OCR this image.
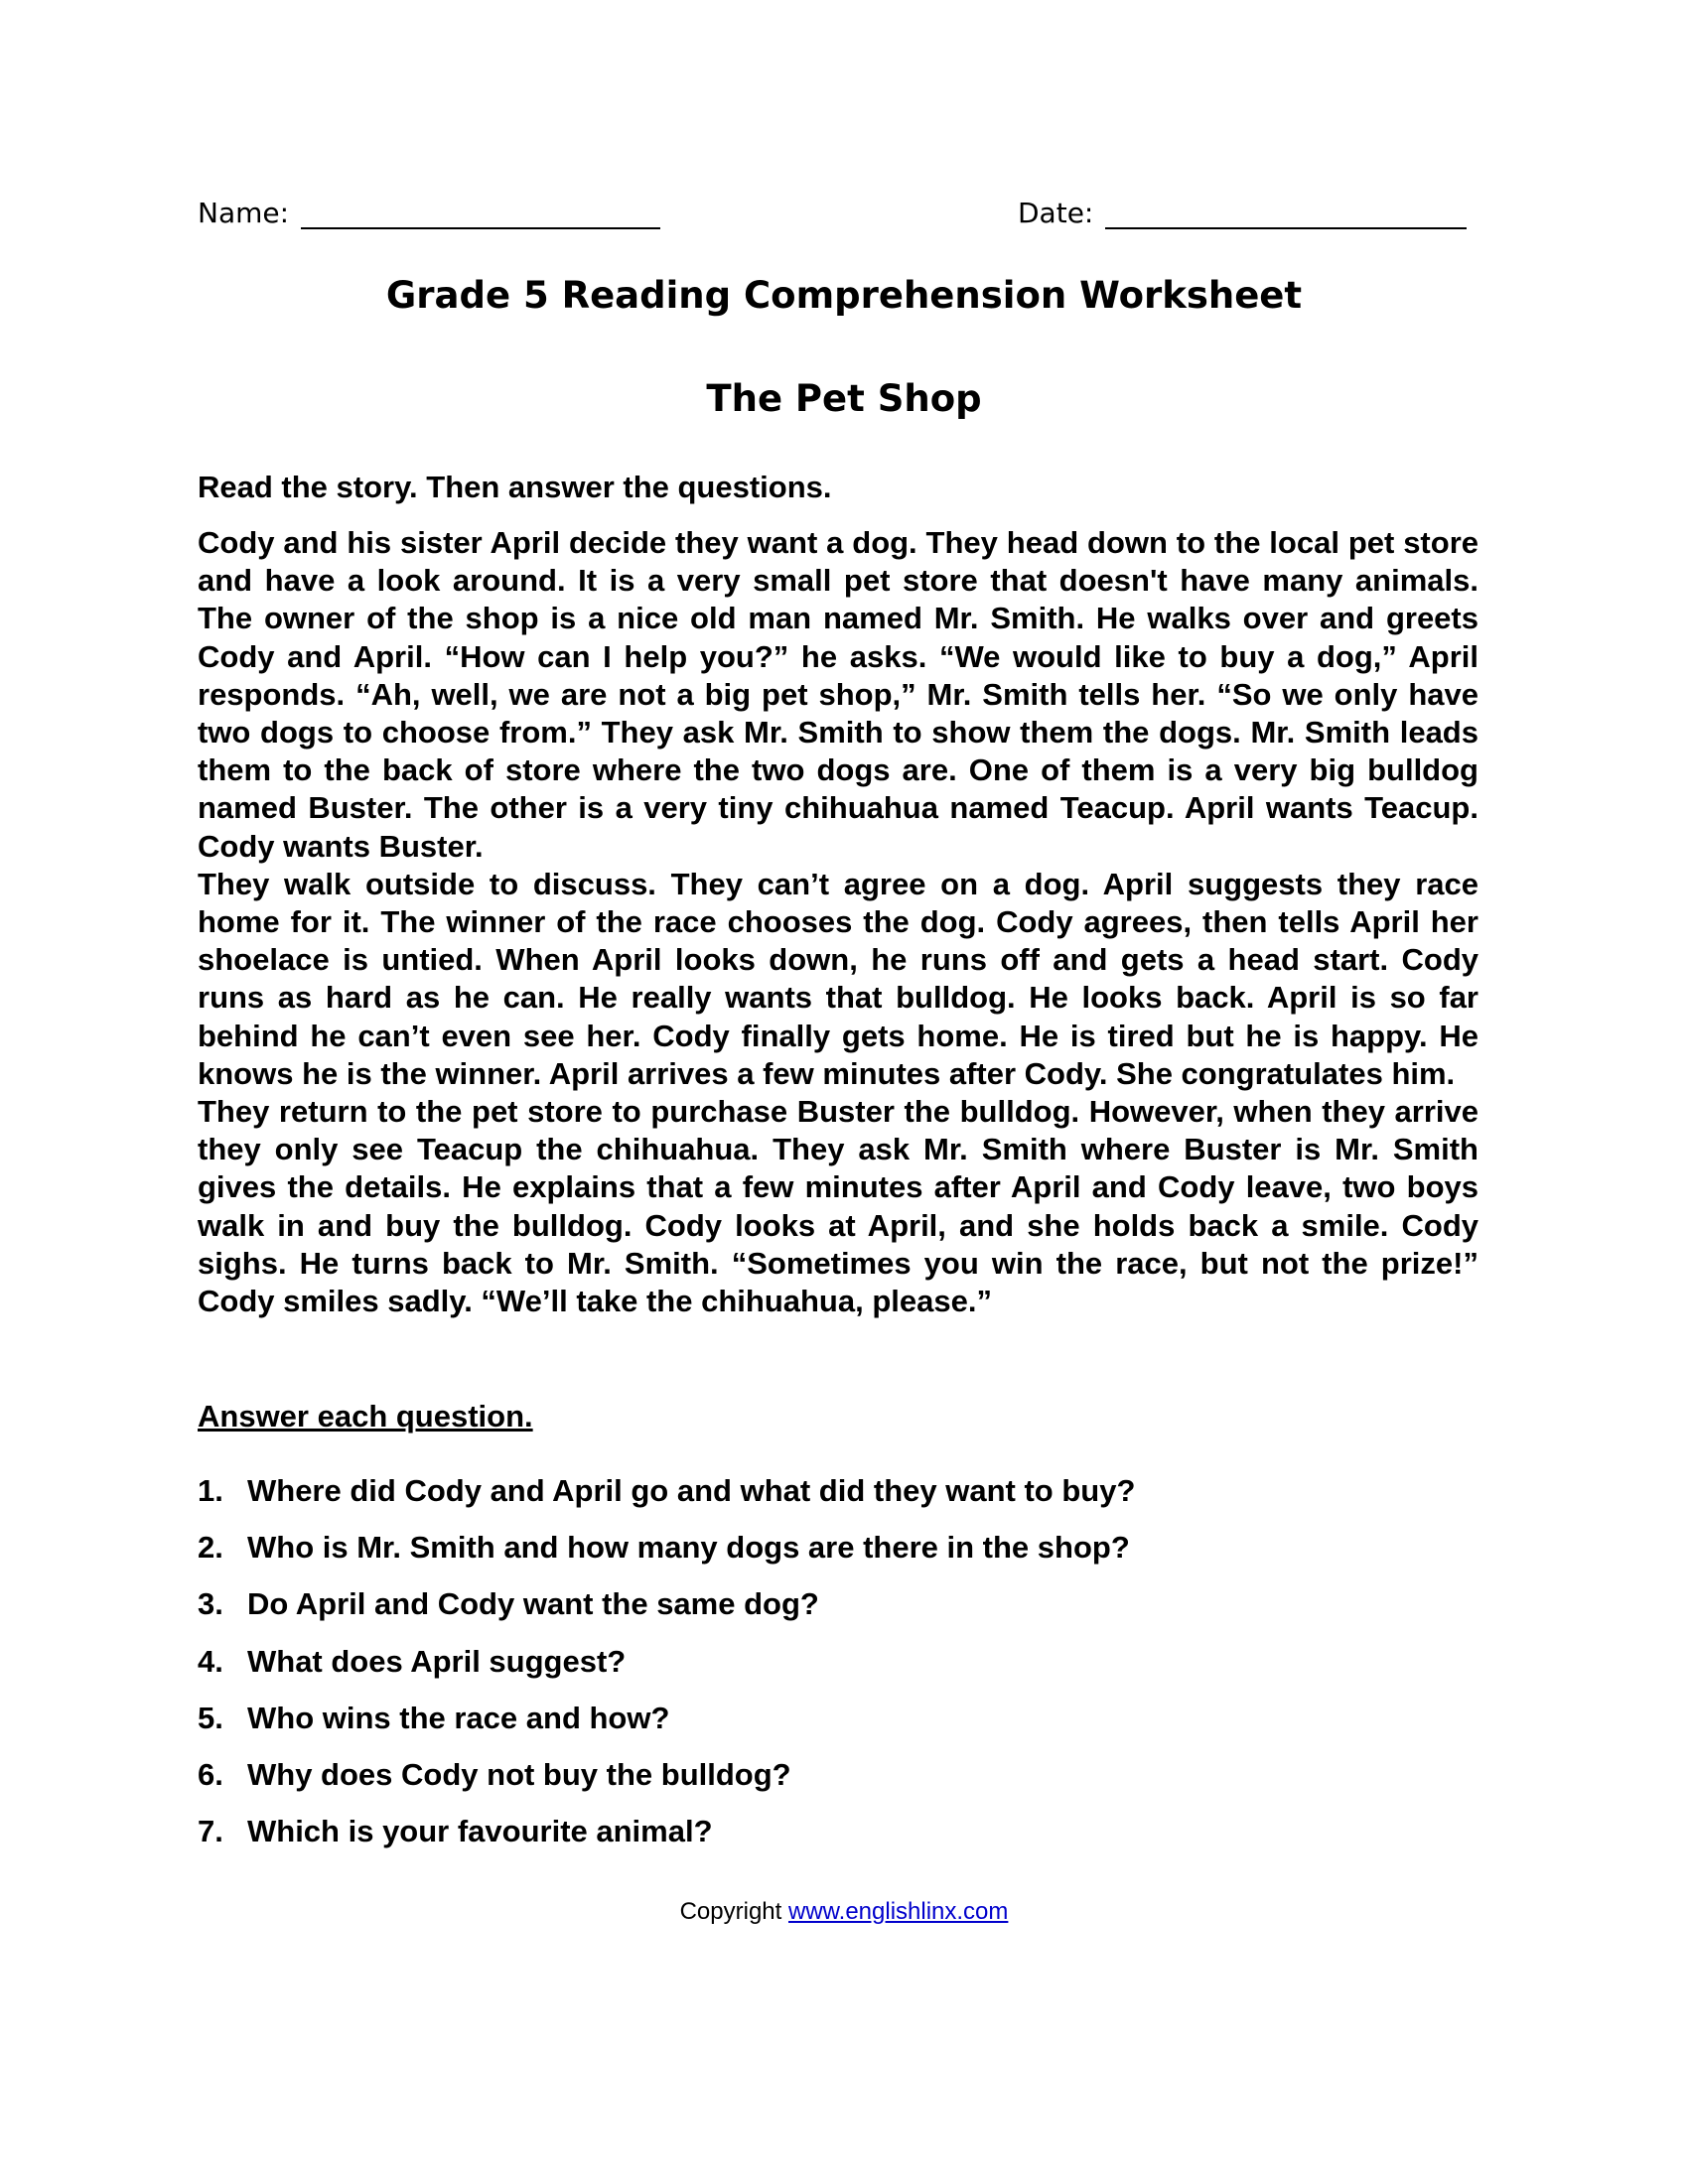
Name:	Date:
Grade 5 Reading Comprehension Worksheet
The Pet Shop
Read the story. Then answer the questions.

Cody and his sister April decide they want a dog. They head down to the local pet store and have a look around. It is a very small pet store that doesn't have many animals. The owner of the shop is a nice old man named Mr. Smith. He walks over and greets Cody and April. “How can I help you?” he asks. “We would like to buy a dog,” April responds. “Ah, well, we are not a big pet shop,” Mr. Smith tells her. “So we only have two dogs to choose from.” They ask Mr. Smith to show them the dogs. Mr. Smith leads them to the back of store where the two dogs are. One of them is a very big bulldog named Buster. The other is a very tiny chihuahua named Teacup. April wants Teacup. Cody wants Buster.

They walk outside to discuss. They can’t agree on a dog. April suggests they race home for it. The winner of the race chooses the dog. Cody agrees, then tells April her shoelace is untied. When April looks down, he runs off and gets a head start. Cody runs as hard as he can. He really wants that bulldog. He looks back. April is so far behind he can’t even see her. Cody finally gets home. He is tired but he is happy. He knows he is the winner. April arrives a few minutes after Cody. She congratulates him.

They return to the pet store to purchase Buster the bulldog. However, when they arrive they only see Teacup the chihuahua. They ask Mr. Smith where Buster is Mr. Smith gives the details. He explains that a few minutes after April and Cody leave, two boys walk in and buy the bulldog. Cody looks at April, and she holds back a smile. Cody sighs. He turns back to Mr. Smith. “Sometimes you win the race, but not the prize!” Cody smiles sadly. “We’ll take the chihuahua, please.”

Answer each question.
1. Where did Cody and April go and what did they want to buy?
2. Who is Mr. Smith and how many dogs are there in the shop?
3. Do April and Cody want the same dog?
4. What does April suggest?
5. Who wins the race and how?
6. Why does Cody not buy the bulldog?
7. Which is your favourite animal?
Copyright www.englishlinx.com
